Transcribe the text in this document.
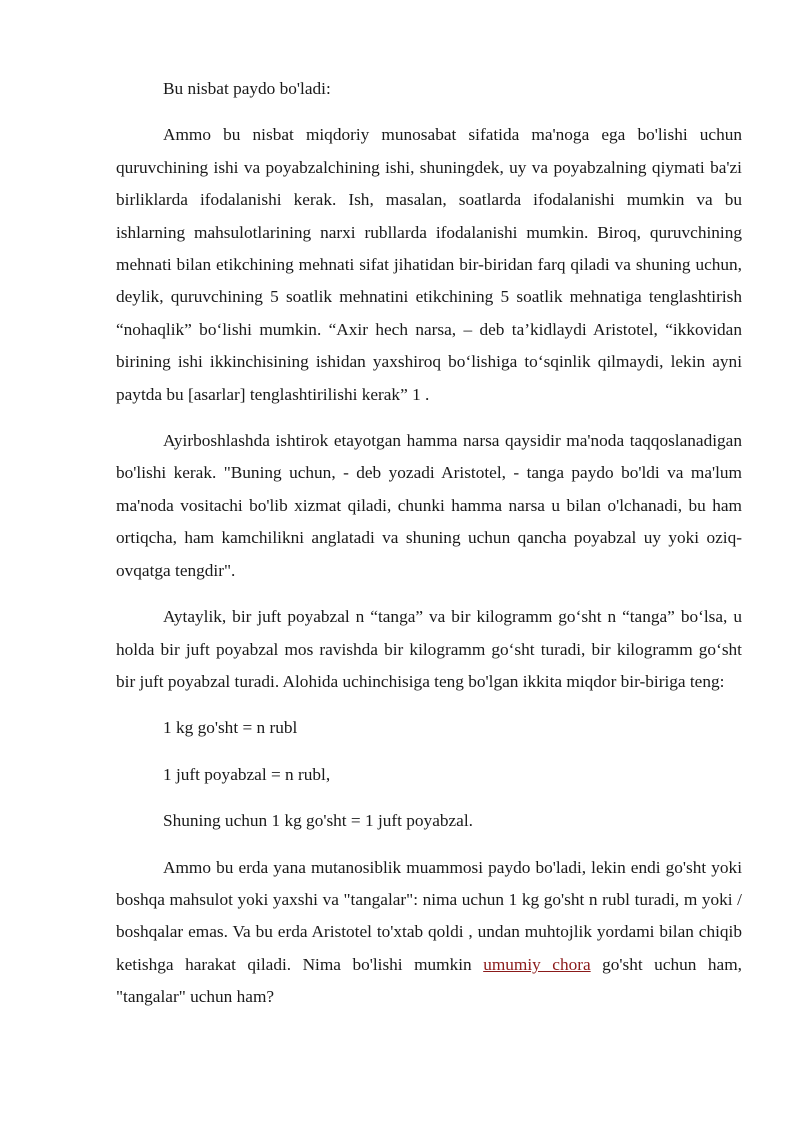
Bu nisbat paydo bo'ladi:

Ammo bu nisbat miqdoriy munosabat sifatida ma'noga ega bo'lishi uchun quruvchining ishi va poyabzalchining ishi, shuningdek, uy va poyabzalning qiymati ba'zi birliklarda ifodalanishi kerak. Ish, masalan, soatlarda ifodalanishi mumkin va bu ishlarning mahsulotlarining narxi rubllarda ifodalanishi mumkin. Biroq, quruvchining mehnati bilan etikchining mehnati sifat jihatidan bir-biridan farq qiladi va shuning uchun, deylik, quruvchining 5 soatlik mehnatini etikchining 5 soatlik mehnatiga tenglashtirish “nohaqlik” bo‘lishi mumkin. “Axir hech narsa, – deb ta’kidlaydi Aristotel, “ikkovidan birining ishi ikkinchisining ishidan yaxshiroq bo‘lishiga to‘sqinlik qilmaydi, lekin ayni paytda bu [asarlar] tenglashtirilishi kerak” 1 .

Ayirboshlashda ishtirok etayotgan hamma narsa qaysidir ma'noda taqqoslanadigan bo'lishi kerak. "Buning uchun, - deb yozadi Aristotel, - tanga paydo bo'ldi va ma'lum ma'noda vositachi bo'lib xizmat qiladi, chunki hamma narsa u bilan o'lchanadi, bu ham ortiqcha, ham kamchilikni anglatadi va shuning uchun qancha poyabzal uy yoki oziq-ovqatga tengdir".

Aytaylik, bir juft poyabzal n “tanga” va bir kilogramm go‘sht n “tanga” bo‘lsa, u holda bir juft poyabzal mos ravishda bir kilogramm go‘sht turadi, bir kilogramm go‘sht bir juft poyabzal turadi. Alohida uchinchisiga teng bo'lgan ikkita miqdor bir-biriga teng:

1 kg go'sht = n rubl

1 juft poyabzal = n rubl,

Shuning uchun 1 kg go'sht = 1 juft poyabzal.

Ammo bu erda yana mutanosiblik muammosi paydo bo'ladi, lekin endi go'sht yoki boshqa mahsulot yoki yaxshi va "tangalar": nima uchun 1 kg go'sht n rubl turadi, m yoki / boshqalar emas. Va bu erda Aristotel to'xtab qoldi , undan muhtojlik yordami bilan chiqib ketishga harakat qiladi. Nima bo'lishi mumkin umumiy chora go'sht uchun ham, "tangalar" uchun ham?
